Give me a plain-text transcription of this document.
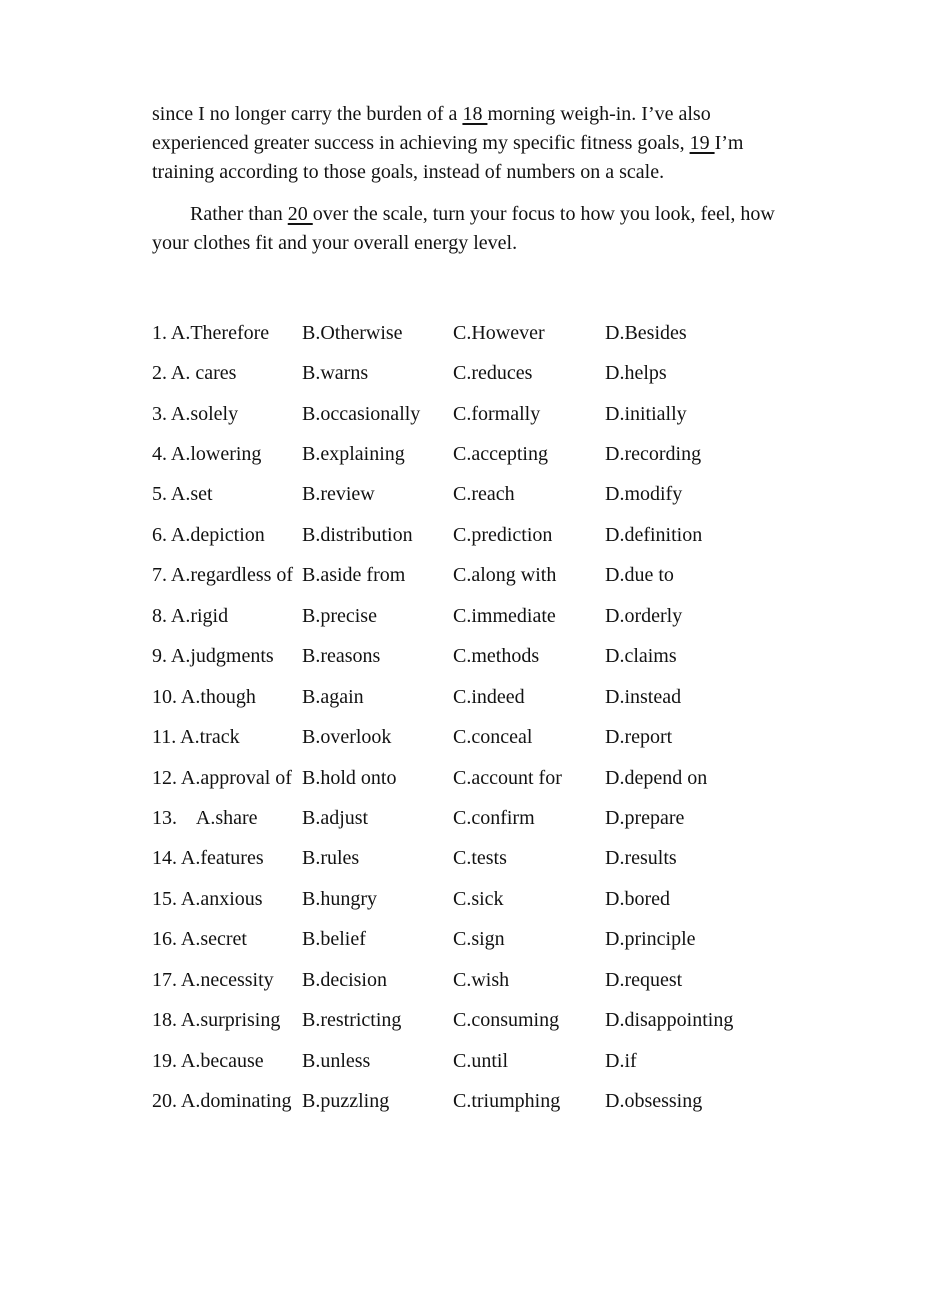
since I no longer carry the burden of a 18 morning weigh-in. I’ve also experienced greater success in achieving my specific fitness goals, 19 I’m training according to those goals, instead of numbers on a scale.

Rather than 20 over the scale, turn your focus to how you look, feel, how your clothes fit and your overall energy level.

1. A.Therefore	B.Otherwise	C.However	D.Besides
2. A. cares	B.warns	C.reduces	D.helps
3. A.solely	B.occasionally	C.formally	D.initially
4. A.lowering	B.explaining	C.accepting	D.recording
5. A.set	B.review	C.reach	D.modify
6. A.depiction	B.distribution	C.prediction	D.definition
7. A.regardless of B.aside from	C.along with	D.due to
8. A.rigid	B.precise	C.immediate	D.orderly
9. A.judgments	B.reasons	C.methods	D.claims
10. A.though	B.again	C.indeed	D.instead
11. A.track	B.overlook	C.conceal	D.report
12. A.approval of B.hold onto	C.account for	D.depend on
13.    A.share	B.adjust	C.confirm	D.prepare
14. A.features	B.rules	C.tests	D.results
15. A.anxious	B.hungry	C.sick	D.bored
16. A.secret	B.belief	C.sign	D.principle
17. A.necessity	B.decision	C.wish	D.request
18. A.surprising	B.restricting	C.consuming	D.disappointing
19. A.because	B.unless	C.until	D.if
20. A.dominating B.puzzling	C.triumphing	D.obsessing
